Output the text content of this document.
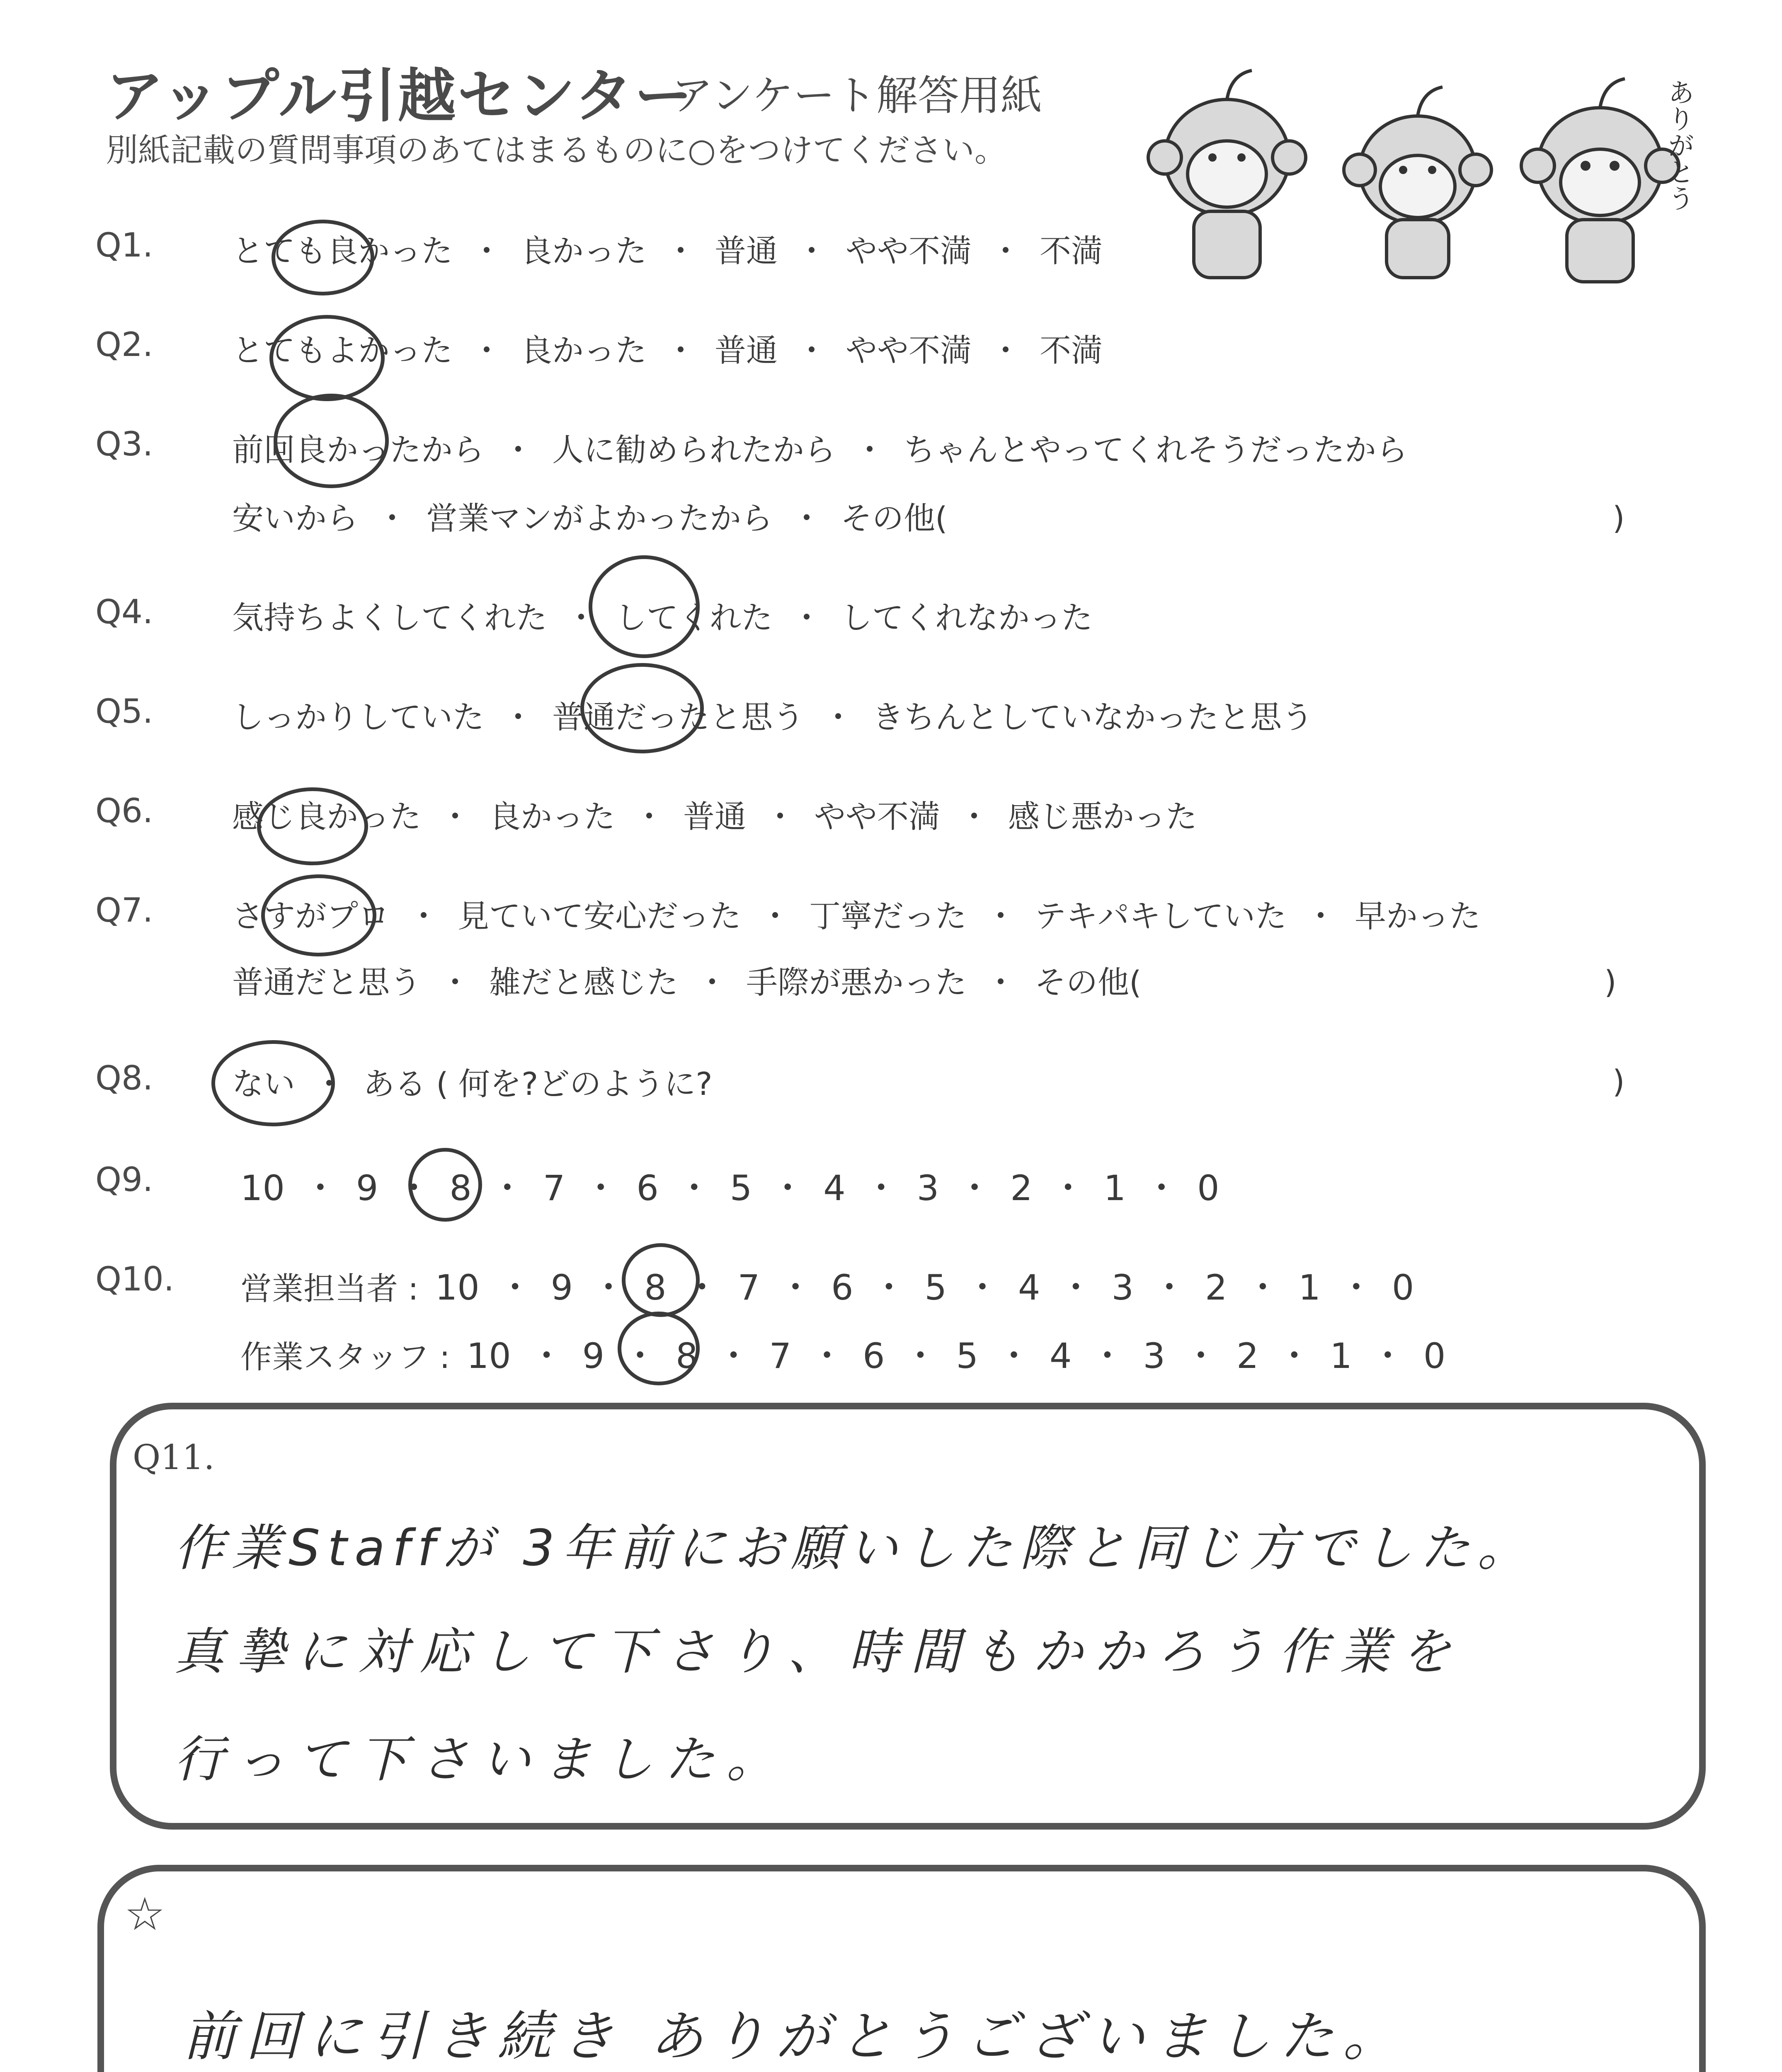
アップル引越センター
アンケート解答用紙
別紙記載の質問事項のあてはまるものに○をつけてください。	ありがとう
Q1.	とても良かった ・ 良かった ・ 普通 ・ やや不満 ・ 不満
Q2.	とてもよかった ・ 良かった ・ 普通 ・ やや不満 ・ 不満
Q3.	前回良かったから ・ 人に勧められたから ・ ちゃんとやってくれそうだったから
安いから ・ 営業マンがよかったから ・ その他(	)
Q4.	気持ちよくしてくれた ・ してくれた ・ してくれなかった
Q5.	しっかりしていた ・ 普通だったと思う ・ きちんとしていなかったと思う
Q6.	感じ良かった ・ 良かった ・ 普通 ・ やや不満 ・ 感じ悪かった
Q7.	さすがプロ ・ 見ていて安心だった ・ 丁寧だった ・ テキパキしていた ・ 早かった
普通だと思う ・ 雑だと感じた ・ 手際が悪かった ・ その他(	)
Q8.	ない ・ ある ( 何を?どのように?	)
Q9.	10 ・ 9 ・ 8 ・ 7 ・ 6 ・ 5 ・ 4 ・ 3 ・ 2 ・ 1 ・ 0
Q10. 営業担当者 : 10 ・ 9 ・ 8 ・ 7 ・ 6 ・ 5 ・ 4 ・ 3 ・ 2 ・ 1 ・ 0
作業スタッフ : 10 ・ 9 ・ 8 ・ 7 ・ 6 ・ 5 ・ 4 ・ 3 ・ 2 ・ 1 ・ 0
Q11.
作業Staffが 3年前にお願いした際と同じ方でした。
真摯に対応して下さり、時間もかかろう作業を
行って下さいました。
☆
前回に引き続き ありがとうございました。
